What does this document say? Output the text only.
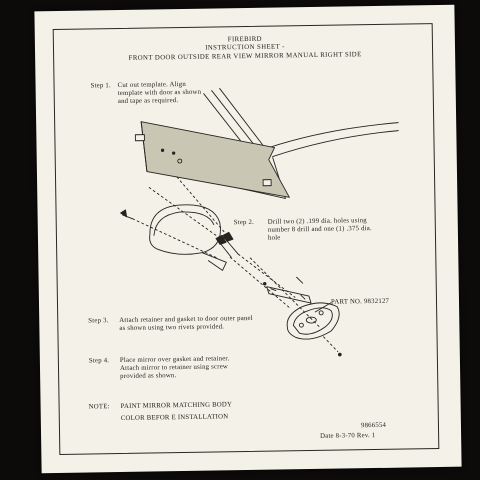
FIREBIRD
INSTRUCTION SHEET -
FRONT DOOR OUTSIDE REAR VIEW MIRROR MANUAL RIGHT SIDE
Step 1. Cut out template. Align
template with door as shown
and tape as required.
Step 2. Drill two (2) .199 dia. holes using
number 8 drill and one (1) .375 dia.
hole
Step 3. Attach retainer and gasket to door outer panel
as shown using two rivets provided.
PART NO. 9832127
Step 4. Place mirror over gasket and retainer.
Attach mirror to retainer using screw
provided as shown.
NOTE: PAINT MIRROR MATCHING BODY
COLOR BEFOR E INSTALLATION
9866554
Date 8-3-70 Rev. 1
